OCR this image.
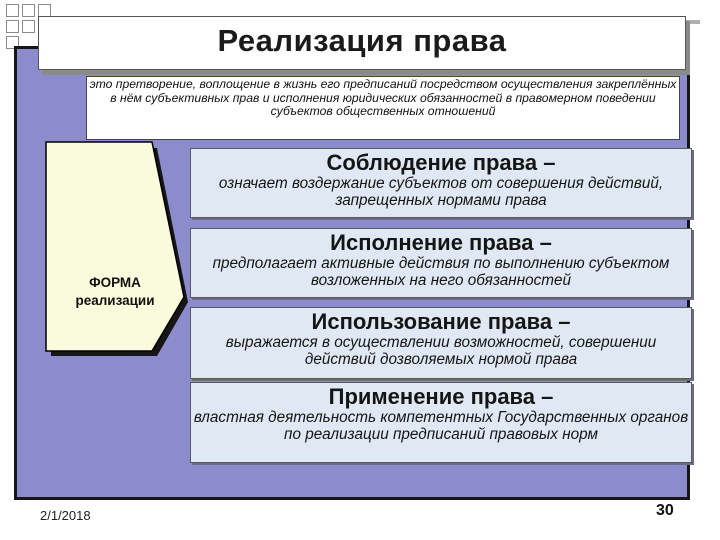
Реализация права
это претворение, воплощение в жизнь его предписаний посредством осуществления закреплённых в нём субъективных прав и исполнения юридических обязанностей в правомерном поведении субъектов общественных отношений
ФОРМА
реализации
Соблюдение права –
означает воздержание субъектов от совершения действий, запрещенных нормами права
Исполнение права –
предполагает активные действия по выполнению субъектом возложенных на него обязанностей
Использование права –
выражается в осуществлении возможностей, совершении действий дозволяемых нормой права
Применение права –
властная деятельность компетентных Государственных органов по реализации предписаний правовых норм
2/1/2018	30
